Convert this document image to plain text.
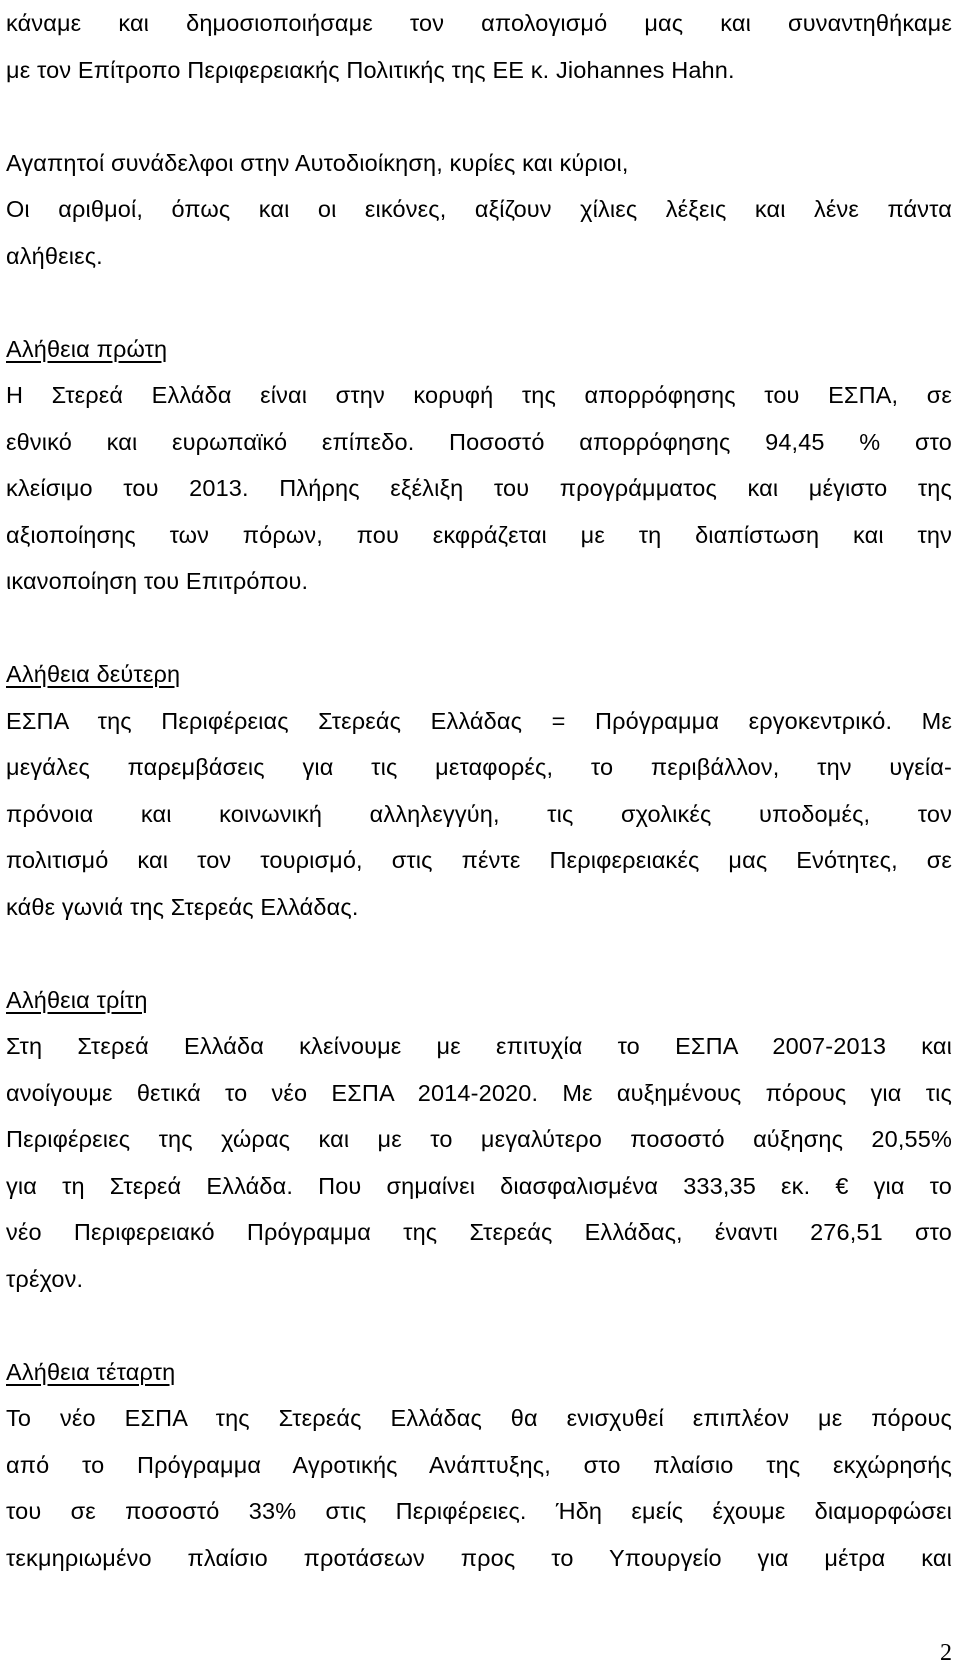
κάναμε και δημοσιοποιήσαμε τον απολογισμό μας και συναντηθήκαμε
με τον Επίτροπο Περιφερειακής Πολιτικής της ΕΕ κ. Jiohannes Hahn.
Αγαπητοί συνάδελφοι στην Αυτοδιοίκηση, κυρίες και κύριοι,
Οι αριθμοί, όπως και οι εικόνες, αξίζουν χίλιες λέξεις και λένε πάντα
αλήθειες.
Αλήθεια πρώτη
Η Στερεά Ελλάδα είναι στην κορυφή της απορρόφησης του ΕΣΠΑ, σε
εθνικό και ευρωπαϊκό επίπεδο. Ποσοστό απορρόφησης 94,45 % στο
κλείσιμο του 2013. Πλήρης εξέλιξη του προγράμματος και μέγιστο της
αξιοποίησης των πόρων, που εκφράζεται με τη διαπίστωση και την
ικανοποίηση του Επιτρόπου.
Αλήθεια δεύτερη
ΕΣΠΑ της Περιφέρειας Στερεάς Ελλάδας = Πρόγραμμα εργοκεντρικό. Με
μεγάλες παρεμβάσεις για τις μεταφορές, το περιβάλλον, την υγεία-
πρόνοια και κοινωνική αλληλεγγύη, τις σχολικές υποδομές, τον
πολιτισμό και τον τουρισμό, στις πέντε Περιφερειακές μας Ενότητες, σε
κάθε γωνιά της Στερεάς Ελλάδας.
Αλήθεια τρίτη
Στη Στερεά Ελλάδα κλείνουμε με επιτυχία το ΕΣΠΑ 2007-2013 και
ανοίγουμε θετικά το νέο ΕΣΠΑ 2014-2020. Με αυξημένους πόρους για τις
Περιφέρειες της χώρας και με το μεγαλύτερο ποσοστό αύξησης 20,55%
για τη Στερεά Ελλάδα. Που σημαίνει διασφαλισμένα 333,35 εκ. € για το
νέο Περιφερειακό Πρόγραμμα της Στερεάς Ελλάδας, έναντι 276,51 στο
τρέχον.
Αλήθεια τέταρτη
Το νέο ΕΣΠΑ της Στερεάς Ελλάδας θα ενισχυθεί επιπλέον με πόρους
από το Πρόγραμμα Αγροτικής Ανάπτυξης, στο πλαίσιο της εκχώρησής
του σε ποσοστό 33% στις Περιφέρειες. Ήδη εμείς έχουμε διαμορφώσει
τεκμηριωμένο πλαίσιο προτάσεων προς το Υπουργείο για μέτρα και
2
